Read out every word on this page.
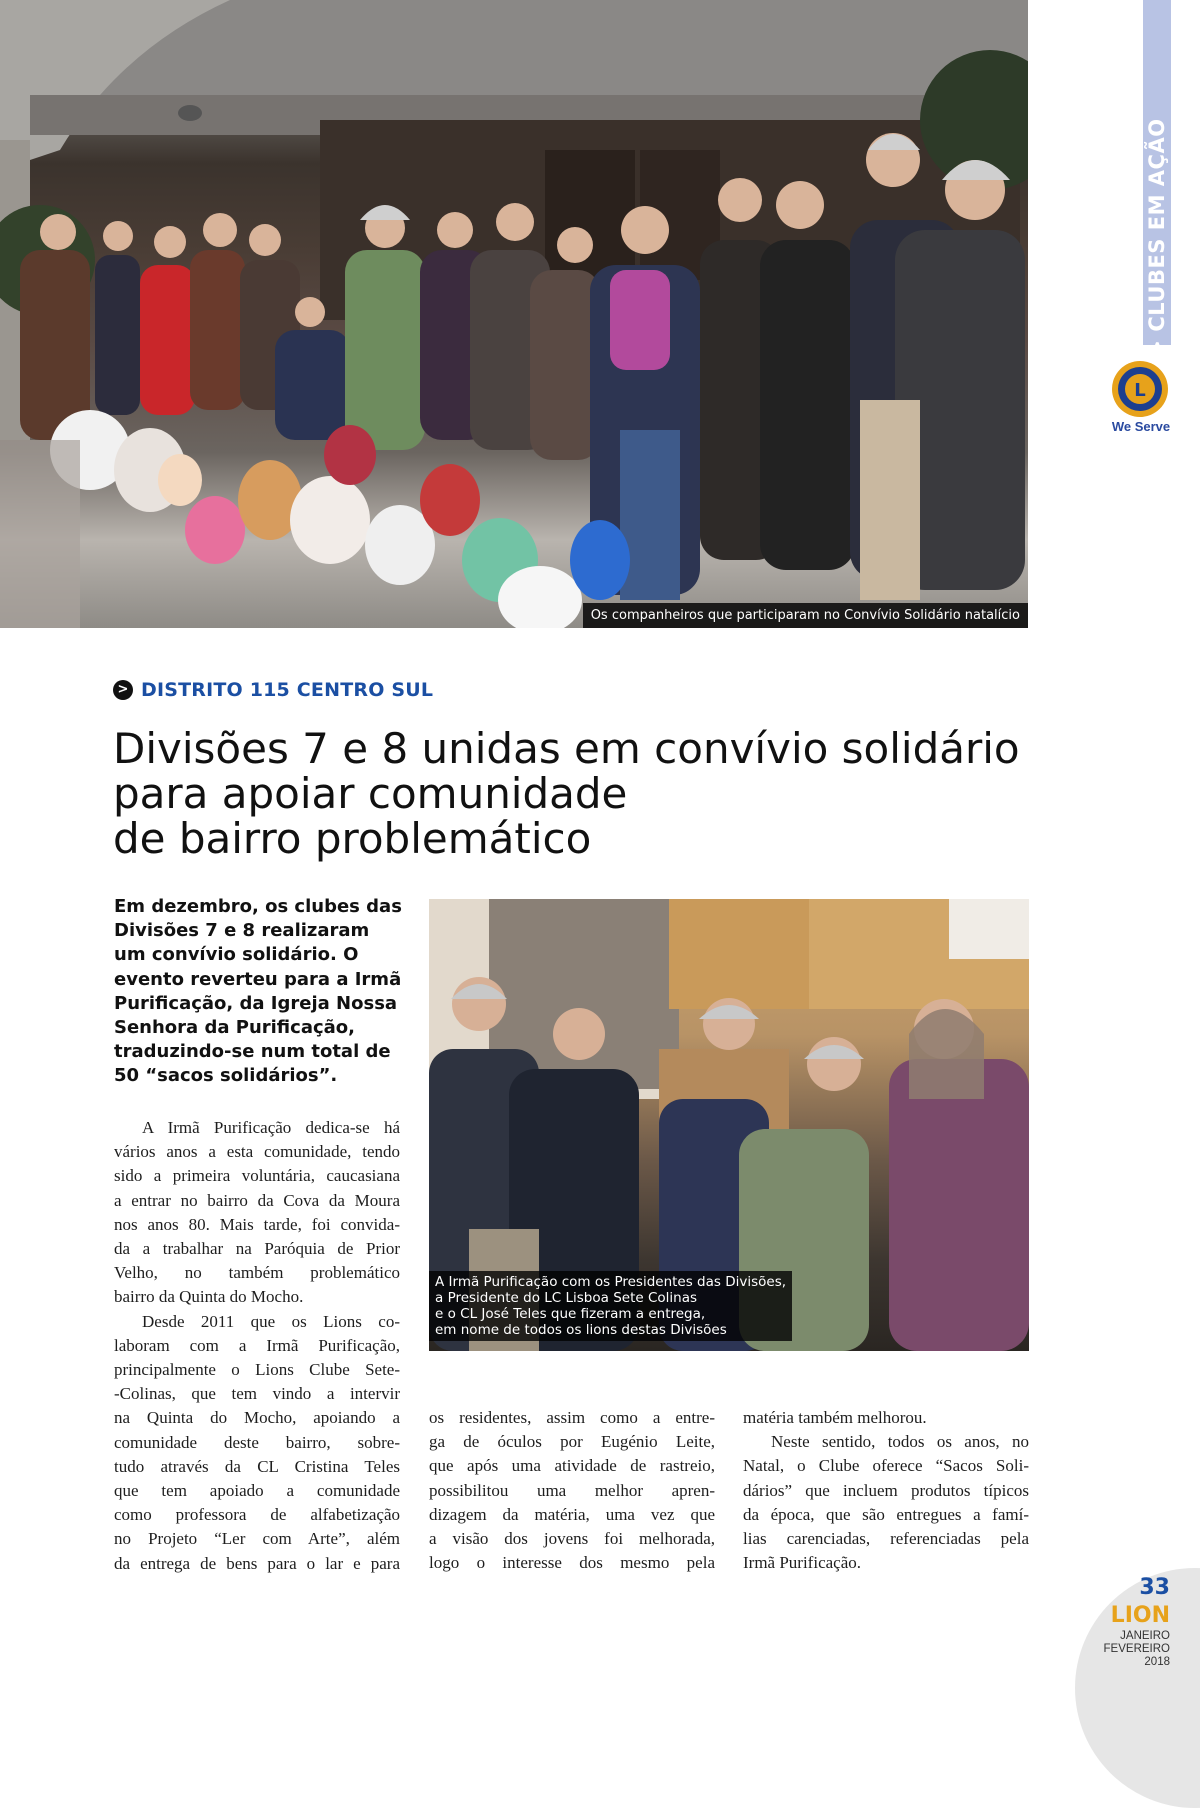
Os companheiros que participaram no Convívio Solidário natalício
> CLUBES EM AÇÃO
L
We Serve
> DISTRITO 115 CENTRO SUL
Divisões 7 e 8 unidas em convívio solidário
para apoiar comunidade
de bairro problemático
Em dezembro, os clubes das
Divisões 7 e 8 realizaram
um convívio solidário. O
evento reverteu para a Irmã
Purificação, da Igreja Nossa
Senhora da Purificação,
traduzindo-se num total de
50 “sacos solidários”.
A Irmã Purificação com os Presidentes das Divisões,
a Presidente do LC Lisboa Sete Colinas
e o CL José Teles que fizeram a entrega,
em nome de todos os lions destas Divisões
A Irmã Purificação dedica-se há
vários anos a esta comunidade, tendo
sido a primeira voluntária, caucasiana
a entrar no bairro da Cova da Moura
nos anos 80. Mais tarde, foi convida-
da a trabalhar na Paróquia de Prior
Velho, no também problemático
bairro da Quinta do Mocho.
Desde 2011 que os Lions co-
laboram com a Irmã Purificação,
principalmente o Lions Clube Sete-
-Colinas, que tem vindo a intervir
na Quinta do Mocho, apoiando a
comunidade deste bairro, sobre-
tudo através da CL Cristina Teles
que tem apoiado a comunidade
como professora de alfabetização
no Projeto “Ler com Arte”, além
da entrega de bens para o lar e para
os residentes, assim como a entre-
ga de óculos por Eugénio Leite,
que após uma atividade de rastreio,
possibilitou uma melhor apren-
dizagem da matéria, uma vez que
a visão dos jovens foi melhorada,
logo o interesse dos mesmo pela
matéria também melhorou.
Neste sentido, todos os anos, no
Natal, o Clube oferece “Sacos Soli-
dários” que incluem produtos típicos
da época, que são entregues a famí-
lias carenciadas, referenciadas pela
Irmã Purificação.
33
LION
JANEIRO
FEVEREIRO
2018
